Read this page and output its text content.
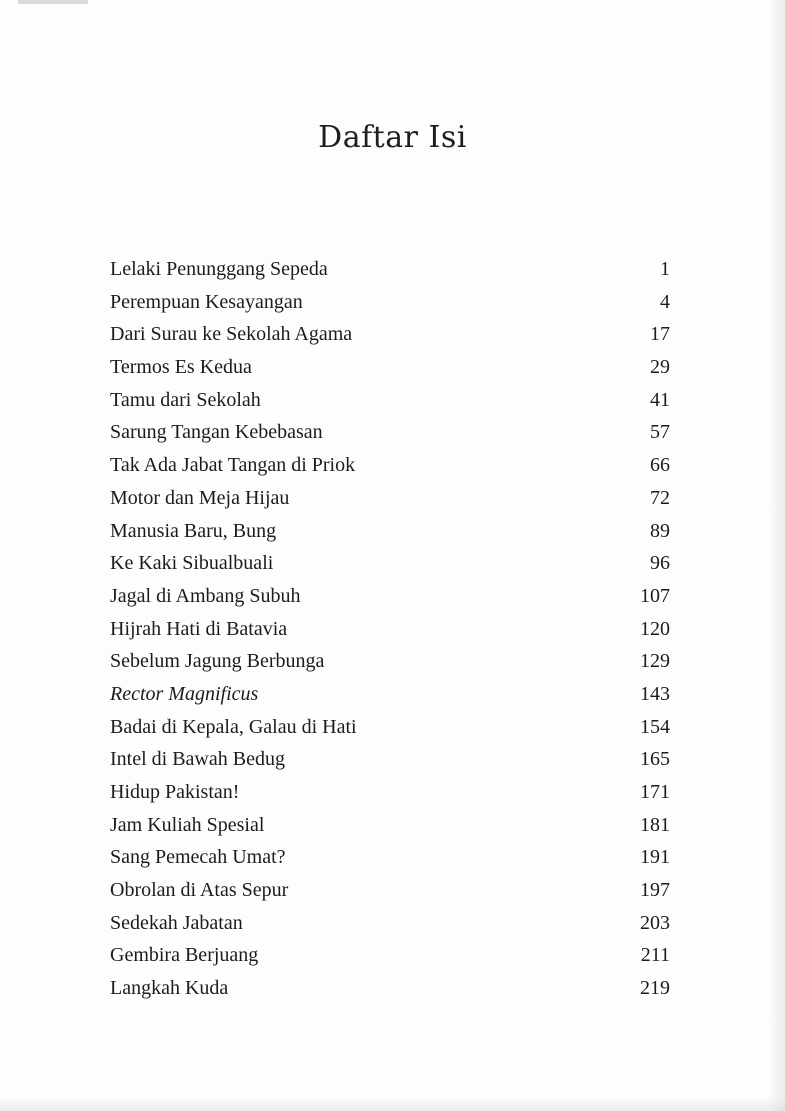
Daftar Isi
Lelaki Penunggang Sepeda	1
Perempuan Kesayangan	4
Dari Surau ke Sekolah Agama	17
Termos Es Kedua	29
Tamu dari Sekolah	41
Sarung Tangan Kebebasan	57
Tak Ada Jabat Tangan di Priok	66
Motor dan Meja Hijau	72
Manusia Baru, Bung	89
Ke Kaki Sibualbuali	96
Jagal di Ambang Subuh	107
Hijrah Hati di Batavia	120
Sebelum Jagung Berbunga	129
Rector Magnificus	143
Badai di Kepala, Galau di Hati	154
Intel di Bawah Bedug	165
Hidup Pakistan!	171
Jam Kuliah Spesial	181
Sang Pemecah Umat?	191
Obrolan di Atas Sepur	197
Sedekah Jabatan	203
Gembira Berjuang	211
Langkah Kuda	219
